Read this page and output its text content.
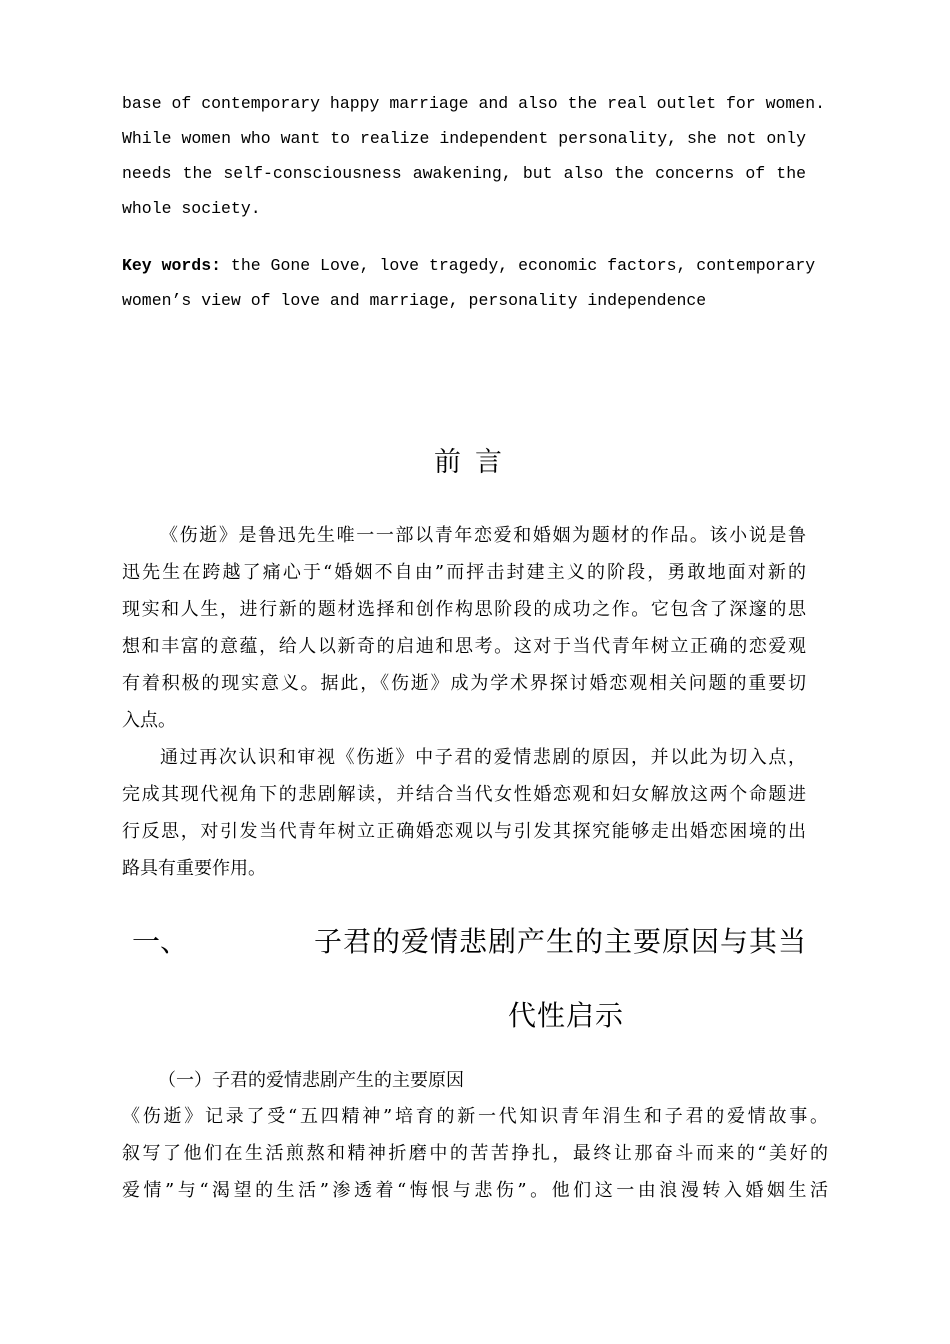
base of contemporary happy marriage and also the real outlet for women.
While women who want to realize independent personality, she not only
needs the self-consciousness awakening, but also the concerns of the
whole society.
Key words: the Gone Love, love tragedy, economic factors, contemporary
women’s view of love and marriage, personality independence
前言
《伤逝》是鲁迅先生唯一一部以青年恋爱和婚姻为题材的作品。该小说是鲁
迅先生在跨越了痛心于“婚姻不自由”而抨击封建主义的阶段，勇敢地面对新的
现实和人生，进行新的题材选择和创作构思阶段的成功之作。它包含了深邃的思
想和丰富的意蕴，给人以新奇的启迪和思考。这对于当代青年树立正确的恋爱观
有着积极的现实意义。据此，《伤逝》成为学术界探讨婚恋观相关问题的重要切
入点。
通过再次认识和审视《伤逝》中子君的爱情悲剧的原因，并以此为切入点，
完成其现代视角下的悲剧解读，并结合当代女性婚恋观和妇女解放这两个命题进
行反思，对引发当代青年树立正确婚恋观以与引发其探究能够走出婚恋困境的出
路具有重要作用。
一、	子君的爱情悲剧产生的主要原因与其当
代性启示
（一）子君的爱情悲剧产生的主要原因
《伤逝》记录了受“五四精神”培育的新一代知识青年涓生和子君的爱情故事。
叙写了他们在生活煎熬和精神折磨中的苦苦挣扎，最终让那奋斗而来的“美好的
爱情”与“渴望的生活”渗透着“悔恨与悲伤”。他们这一由浪漫转入婚姻生活
